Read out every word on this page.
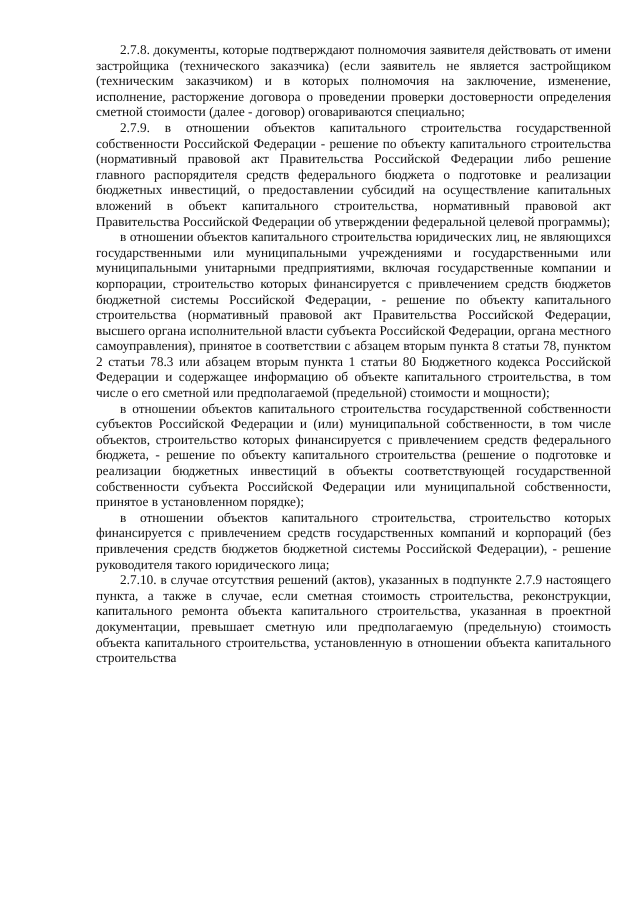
2.7.8. документы, которые подтверждают полномочия заявителя действовать от имени застройщика (технического заказчика) (если заявитель не является застройщиком (техническим заказчиком) и в которых полномочия на заключение, изменение, исполнение, расторжение договора о проведении проверки достоверности определения сметной стоимости (далее - договор) оговариваются специально;

2.7.9. в отношении объектов капитального строительства государственной собственности Российской Федерации - решение по объекту капитального строительства (нормативный правовой акт Правительства Российской Федерации либо решение главного распорядителя средств федерального бюджета о подготовке и реализации бюджетных инвестиций, о предоставлении субсидий на осуществление капитальных вложений в объект капитального строительства, нормативный правовой акт Правительства Российской Федерации об утверждении федеральной целевой программы);

в отношении объектов капитального строительства юридических лиц, не являющихся государственными или муниципальными учреждениями и государственными или муниципальными унитарными предприятиями, включая государственные компании и корпорации, строительство которых финансируется с привлечением средств бюджетов бюджетной системы Российской Федерации, - решение по объекту капитального строительства (нормативный правовой акт Правительства Российской Федерации, высшего органа исполнительной власти субъекта Российской Федерации, органа местного самоуправления), принятое в соответствии с абзацем вторым пункта 8 статьи 78, пунктом 2 статьи 78.3 или абзацем вторым пункта 1 статьи 80 Бюджетного кодекса Российской Федерации и содержащее информацию об объекте капитального строительства, в том числе о его сметной или предполагаемой (предельной) стоимости и мощности);

в отношении объектов капитального строительства государственной собственности субъектов Российской Федерации и (или) муниципальной собственности, в том числе объектов, строительство которых финансируется с привлечением средств федерального бюджета, - решение по объекту капитального строительства (решение о подготовке и реализации бюджетных инвестиций в объекты соответствующей государственной собственности субъекта Российской Федерации или муниципальной собственности, принятое в установленном порядке);

в отношении объектов капитального строительства, строительство которых финансируется с привлечением средств государственных компаний и корпораций (без привлечения средств бюджетов бюджетной системы Российской Федерации), - решение руководителя такого юридического лица;

2.7.10. в случае отсутствия решений (актов), указанных в подпункте 2.7.9 настоящего пункта, а также в случае, если сметная стоимость строительства, реконструкции, капитального ремонта объекта капитального строительства, указанная в проектной документации, превышает сметную или предполагаемую (предельную) стоимость объекта капитального строительства, установленную в отношении объекта капитального строительства
